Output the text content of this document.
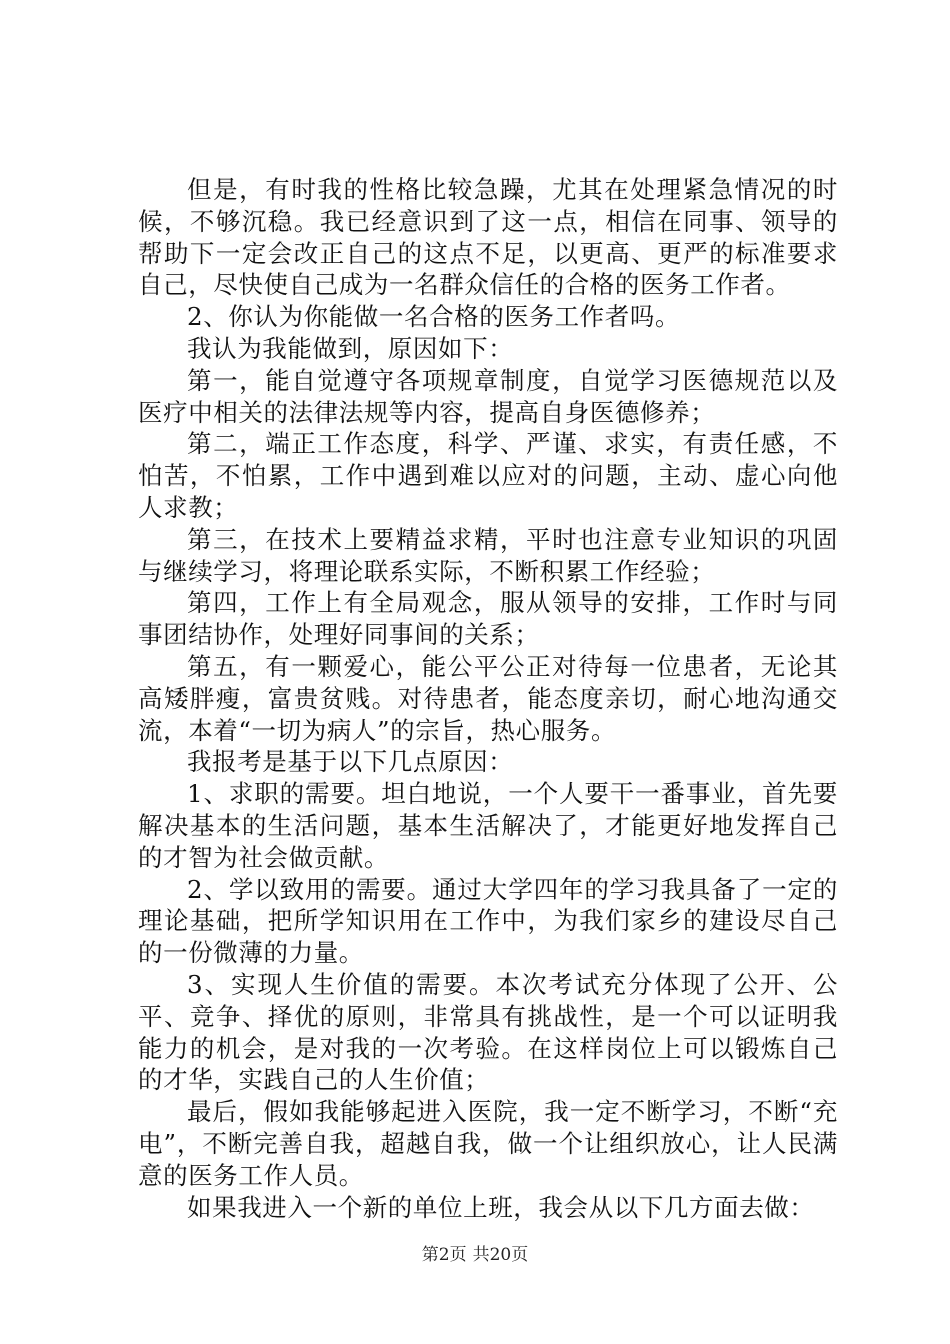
但是，有时我的性格比较急躁，尤其在处理紧急情况的时候，不够沉稳。我已经意识到了这一点，相信在同事、领导的帮助下一定会改正自己的这点不足，以更高、更严的标准要求自己，尽快使自己成为一名群众信任的合格的医务工作者。

2、你认为你能做一名合格的医务工作者吗。

我认为我能做到，原因如下：

第一，能自觉遵守各项规章制度，自觉学习医德规范以及医疗中相关的法律法规等内容，提高自身医德修养；

第二，端正工作态度，科学、严谨、求实，有责任感，不怕苦，不怕累，工作中遇到难以应对的问题，主动、虚心向他人求教；

第三，在技术上要精益求精，平时也注意专业知识的巩固与继续学习，将理论联系实际，不断积累工作经验；

第四，工作上有全局观念，服从领导的安排，工作时与同事团结协作，处理好同事间的关系；

第五，有一颗爱心，能公平公正对待每一位患者，无论其高矮胖瘦，富贵贫贱。对待患者，能态度亲切，耐心地沟通交流，本着“一切为病人”的宗旨，热心服务。

我报考是基于以下几点原因：

1、求职的需要。坦白地说，一个人要干一番事业，首先要解决基本的生活问题，基本生活解决了，才能更好地发挥自己的才智为社会做贡献。

2、学以致用的需要。通过大学四年的学习我具备了一定的理论基础，把所学知识用在工作中，为我们家乡的建设尽自己的一份微薄的力量。

3、实现人生价值的需要。本次考试充分体现了公开、公平、竞争、择优的原则，非常具有挑战性，是一个可以证明我能力的机会，是对我的一次考验。在这样岗位上可以锻炼自己的才华，实践自己的人生价值；

最后，假如我能够起进入医院，我一定不断学习，不断“充电”，不断完善自我，超越自我，做一个让组织放心，让人民满意的医务工作人员。

如果我进入一个新的单位上班，我会从以下几方面去做：

第2页 共20页
